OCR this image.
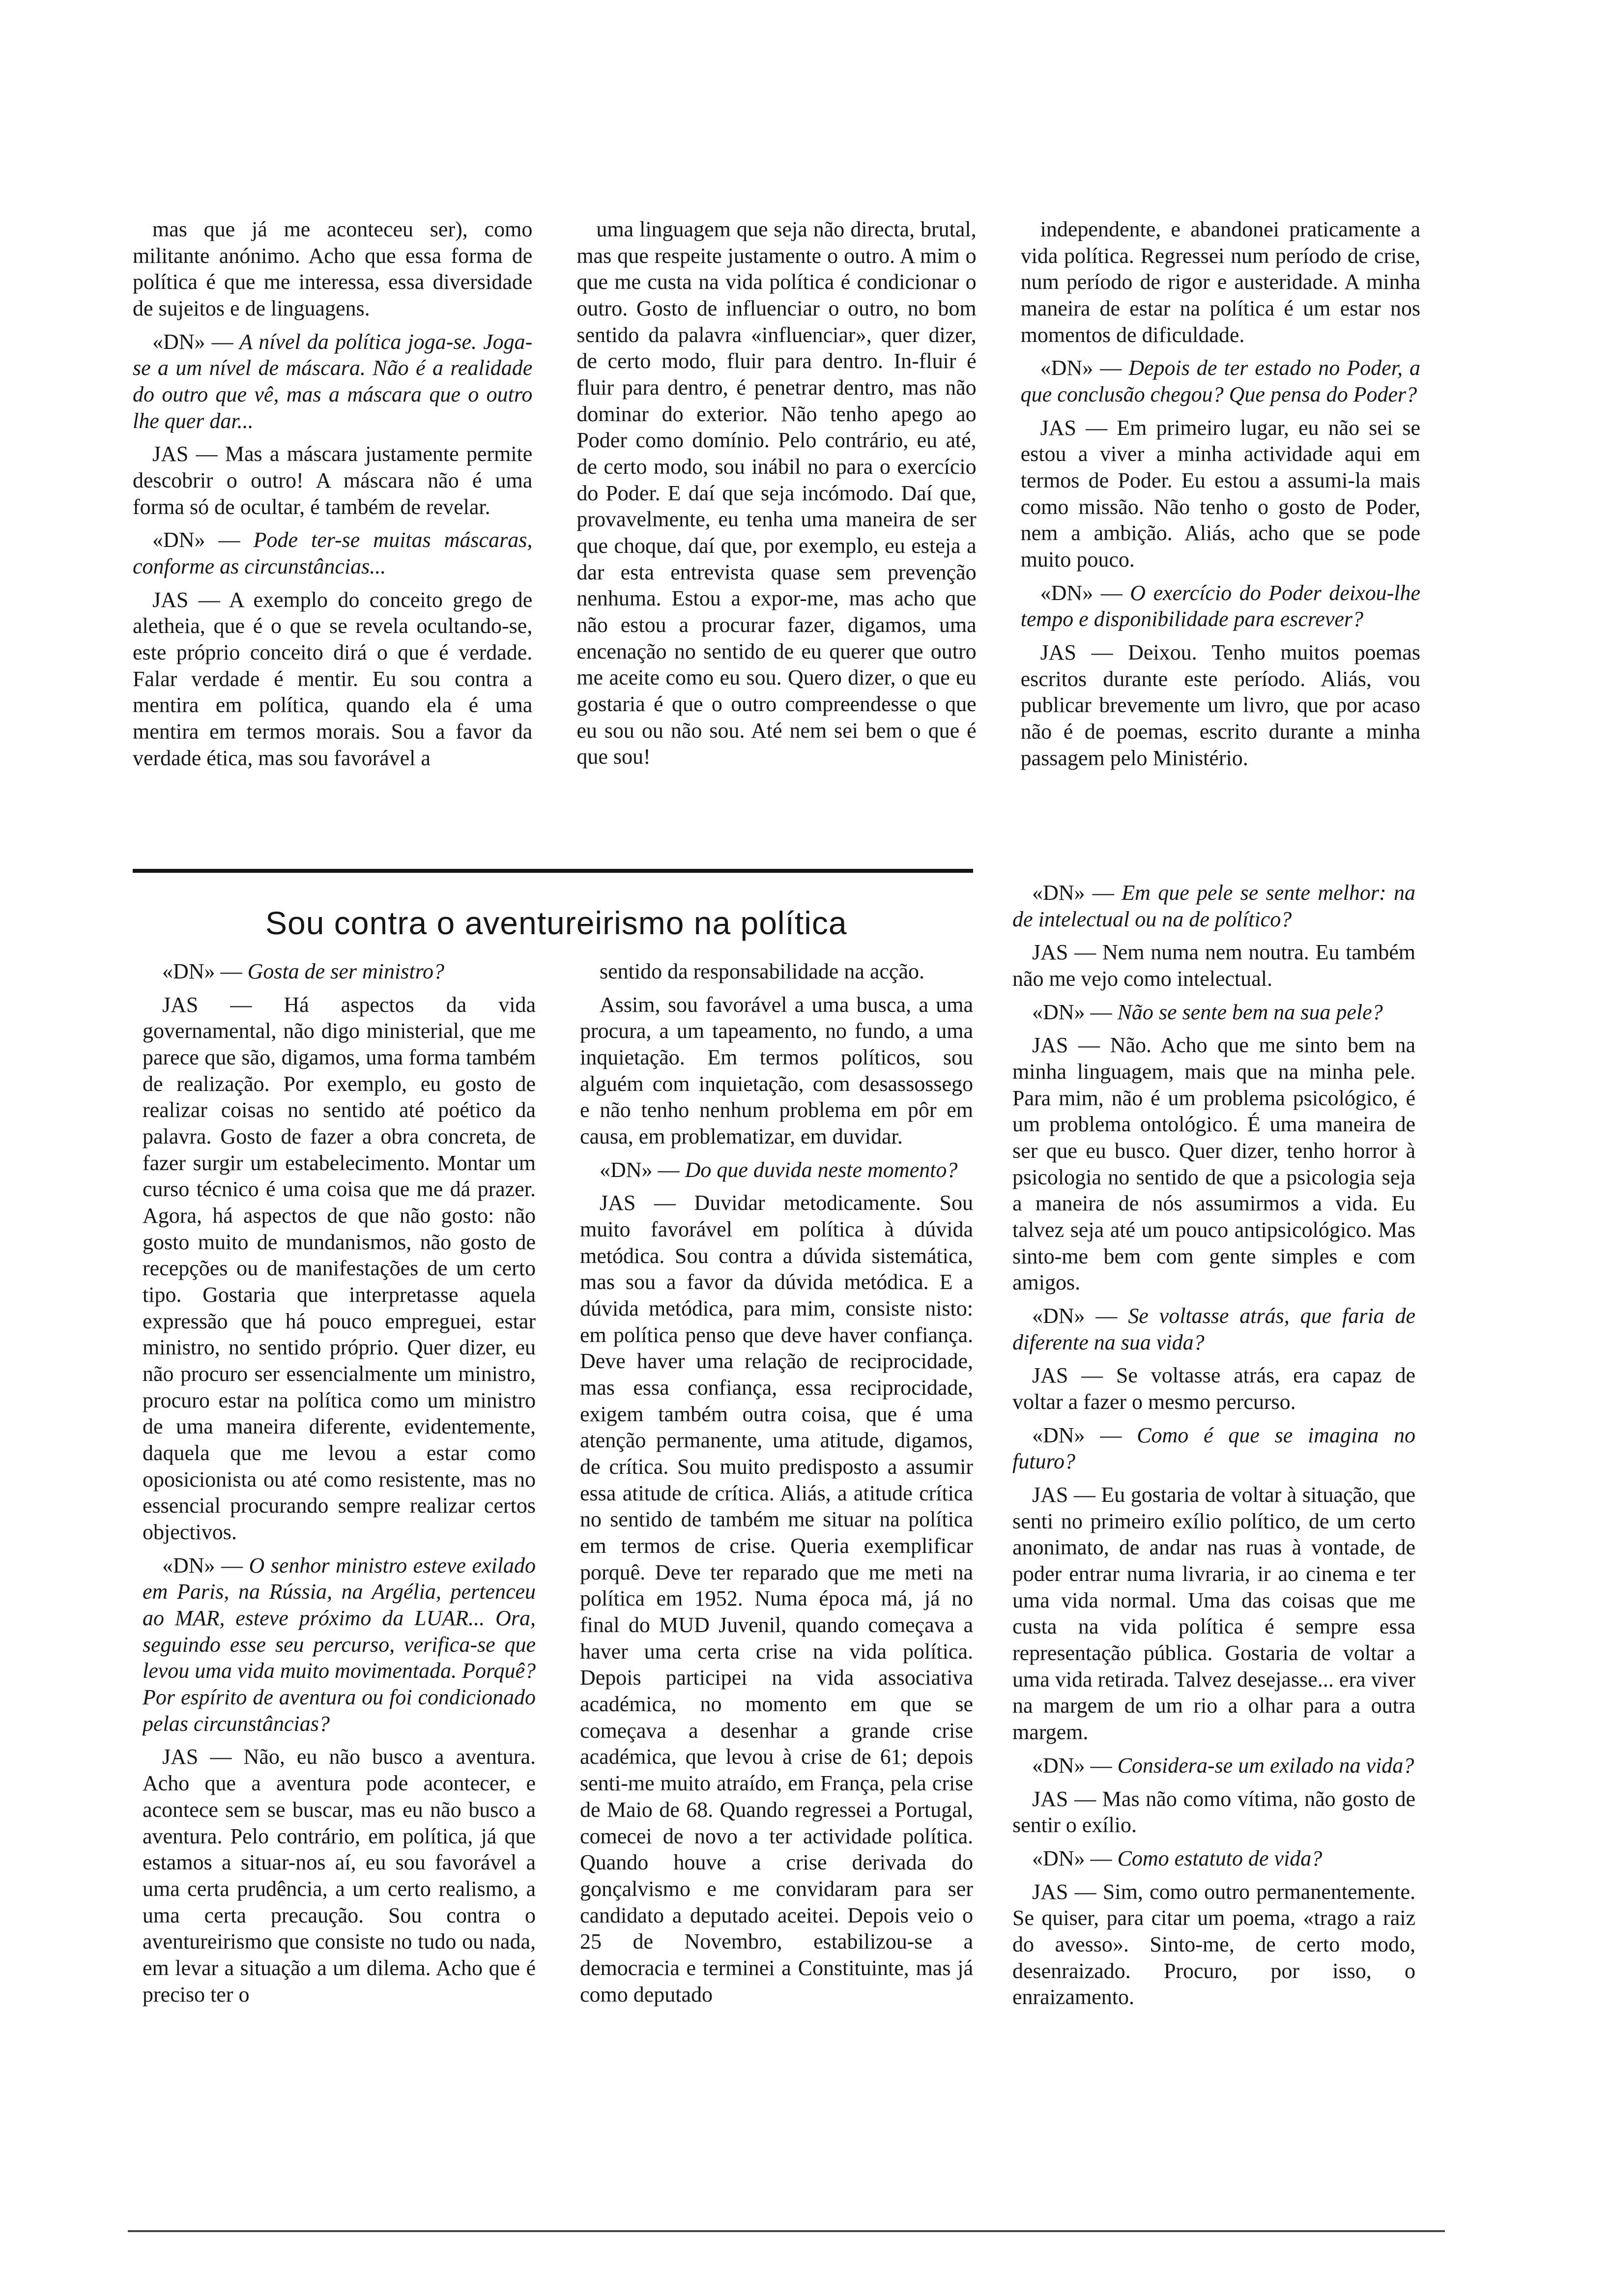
mas que já me aconteceu ser), como militante anónimo. Acho que essa forma de política é que me interessa, essa diversidade de sujeitos e de linguagens.

«DN» — A nível da política joga-se. Joga-se a um nível de máscara. Não é a realidade do outro que vê, mas a máscara que o outro lhe quer dar...

JAS — Mas a máscara justamente permite descobrir o outro! A máscara não é uma forma só de ocultar, é também de revelar.

«DN» — Pode ter-se muitas máscaras, conforme as circunstâncias...

JAS — A exemplo do conceito grego de aletheia, que é o que se revela ocultando-se, este próprio conceito dirá o que é verdade. Falar verdade é mentir. Eu sou contra a mentira em política, quando ela é uma mentira em termos morais. Sou a favor da verdade ética, mas sou favorável a

uma linguagem que seja não directa, brutal, mas que respeite justamente o outro. A mim o que me custa na vida política é condicionar o outro. Gosto de influenciar o outro, no bom sentido da palavra «influenciar», quer dizer, de certo modo, fluir para dentro. In-fluir é fluir para dentro, é penetrar dentro, mas não dominar do exterior. Não tenho apego ao Poder como domínio. Pelo contrário, eu até, de certo modo, sou inábil no para o exercício do Poder. E daí que seja incómodo. Daí que, provavelmente, eu tenha uma maneira de ser que choque, daí que, por exemplo, eu esteja a dar esta entrevista quase sem prevenção nenhuma. Estou a expor-me, mas acho que não estou a procurar fazer, digamos, uma encenação no sentido de eu querer que outro me aceite como eu sou. Quero dizer, o que eu gostaria é que o outro compreendesse o que eu sou ou não sou. Até nem sei bem o que é que sou!

independente, e abandonei praticamente a vida política. Regressei num período de crise, num período de rigor e austeridade. A minha maneira de estar na política é um estar nos momentos de dificuldade.

«DN» — Depois de ter estado no Poder, a que conclusão chegou? Que pensa do Poder?

JAS — Em primeiro lugar, eu não sei se estou a viver a minha actividade aqui em termos de Poder. Eu estou a assumi-la mais como missão. Não tenho o gosto de Poder, nem a ambição. Aliás, acho que se pode muito pouco.

«DN» — O exercício do Poder deixou-lhe tempo e disponibilidade para escrever?

JAS — Deixou. Tenho muitos poemas escritos durante este período. Aliás, vou publicar brevemente um livro, que por acaso não é de poemas, escrito durante a minha passagem pelo Ministério.

Sou contra o aventureirismo na política

«DN» — Em que pele se sente melhor: na de intelectual ou na de político?

JAS — Nem numa nem noutra. Eu também não me vejo como intelectual.

«DN» — Não se sente bem na sua pele?

JAS — Não. Acho que me sinto bem na minha linguagem, mais que na minha pele. Para mim, não é um problema psicológico, é um problema ontológico. É uma maneira de ser que eu busco. Quer dizer, tenho horror à psicologia no sentido de que a psicologia seja a maneira de nós assumirmos a vida. Eu talvez seja até um pouco antipsicológico. Mas sinto-me bem com gente simples e com amigos.

«DN» — Se voltasse atrás, que faria de diferente na sua vida?

JAS — Se voltasse atrás, era capaz de voltar a fazer o mesmo percurso.

«DN» — Como é que se imagina no futuro?

JAS — Eu gostaria de voltar à situação, que senti no primeiro exílio político, de um certo anonimato, de andar nas ruas à vontade, de poder entrar numa livraria, ir ao cinema e ter uma vida normal. Uma das coisas que me custa na vida política é sempre essa representação pública. Gostaria de voltar a uma vida retirada. Talvez desejasse... era viver na margem de um rio a olhar para a outra margem.

«DN» — Considera-se um exilado na vida?

JAS — Mas não como vítima, não gosto de sentir o exílio.

«DN» — Como estatuto de vida?

JAS — Sim, como outro permanentemente. Se quiser, para citar um poema, «trago a raiz do avesso». Sinto-me, de certo modo, desenraizado. Procuro, por isso, o enraizamento.

«DN» — Gosta de ser ministro?

JAS — Há aspectos da vida governamental, não digo ministerial, que me parece que são, digamos, uma forma também de realização. Por exemplo, eu gosto de realizar coisas no sentido até poético da palavra. Gosto de fazer a obra concreta, de fazer surgir um estabelecimento. Montar um curso técnico é uma coisa que me dá prazer. Agora, há aspectos de que não gosto: não gosto muito de mundanismos, não gosto de recepções ou de manifestações de um certo tipo. Gostaria que interpretasse aquela expressão que há pouco empreguei, estar ministro, no sentido próprio. Quer dizer, eu não procuro ser essencialmente um ministro, procuro estar na política como um ministro de uma maneira diferente, evidentemente, daquela que me levou a estar como oposicionista ou até como resistente, mas no essencial procurando sempre realizar certos objectivos.

«DN» — O senhor ministro esteve exilado em Paris, na Rússia, na Argélia, pertenceu ao MAR, esteve próximo da LUAR... Ora, seguindo esse seu percurso, verifica-se que levou uma vida muito movimentada. Porquê? Por espírito de aventura ou foi condicionado pelas circunstâncias?

JAS — Não, eu não busco a aventura. Acho que a aventura pode acontecer, e acontece sem se buscar, mas eu não busco a aventura. Pelo contrário, em política, já que estamos a situar-nos aí, eu sou favorável a uma certa prudência, a um certo realismo, a uma certa precaução. Sou contra o aventureirismo que consiste no tudo ou nada, em levar a situação a um dilema. Acho que é preciso ter o

sentido da responsabilidade na acção.

Assim, sou favorável a uma busca, a uma procura, a um tapeamento, no fundo, a uma inquietação. Em termos políticos, sou alguém com inquietação, com desassossego e não tenho nenhum problema em pôr em causa, em problematizar, em duvidar.

«DN» — Do que duvida neste momento?

JAS — Duvidar metodicamente. Sou muito favorável em política à dúvida metódica. Sou contra a dúvida sistemática, mas sou a favor da dúvida metódica. E a dúvida metódica, para mim, consiste nisto: em política penso que deve haver confiança. Deve haver uma relação de reciprocidade, mas essa confiança, essa reciprocidade, exigem também outra coisa, que é uma atenção permanente, uma atitude, digamos, de crítica. Sou muito predisposto a assumir essa atitude de crítica. Aliás, a atitude crítica no sentido de também me situar na política em termos de crise. Queria exemplificar porquê. Deve ter reparado que me meti na política em 1952. Numa época má, já no final do MUD Juvenil, quando começava a haver uma certa crise na vida política. Depois participei na vida associativa académica, no momento em que se começava a desenhar a grande crise académica, que levou à crise de 61; depois senti-me muito atraído, em França, pela crise de Maio de 68. Quando regressei a Portugal, comecei de novo a ter actividade política. Quando houve a crise derivada do gonçalvismo e me convidaram para ser candidato a deputado aceitei. Depois veio o 25 de Novembro, estabilizou-se a democracia e terminei a Constituinte, mas já como deputado
